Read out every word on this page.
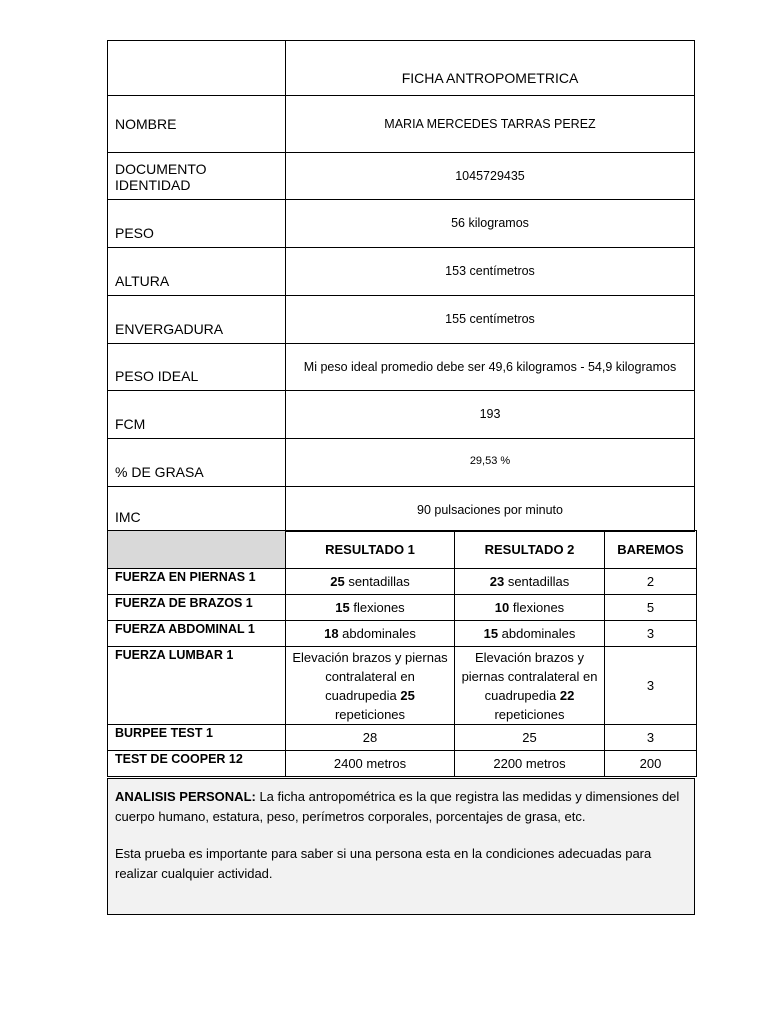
	FICHA ANTROPOMETRICA
NOMBRE	MARIA MERCEDES TARRAS PEREZ
DOCUMENTO IDENTIDAD	1045729435
PESO	56 kilogramos
ALTURA	153 centímetros
ENVERGADURA	155 centímetros
PESO IDEAL	Mi peso ideal promedio debe ser 49,6 kilogramos - 54,9 kilogramos
FCM	193
% DE GRASA	29,53 %
IMC	90 pulsaciones por minuto
	RESULTADO 1	RESULTADO 2	BAREMOS
FUERZA EN PIERNAS 1	25 sentadillas	23 sentadillas	2
FUERZA DE BRAZOS 1	15 flexiones	10 flexiones	5
FUERZA ABDOMINAL 1	18 abdominales	15 abdominales	3
FUERZA LUMBAR 1	Elevación brazos y piernas contralateral en cuadrupedia 25 repeticiones	Elevación brazos y piernas contralateral en cuadrupedia 22 repeticiones	3
BURPEE TEST 1	28	25	3
TEST DE COOPER 12	2400 metros	2200 metros	200

ANALISIS PERSONAL: La ficha antropométrica es la que registra las medidas y dimensiones del cuerpo humano, estatura, peso, perímetros corporales, porcentajes de grasa, etc.

Esta prueba es importante para saber si una persona esta en la condiciones adecuadas para realizar cualquier actividad.
